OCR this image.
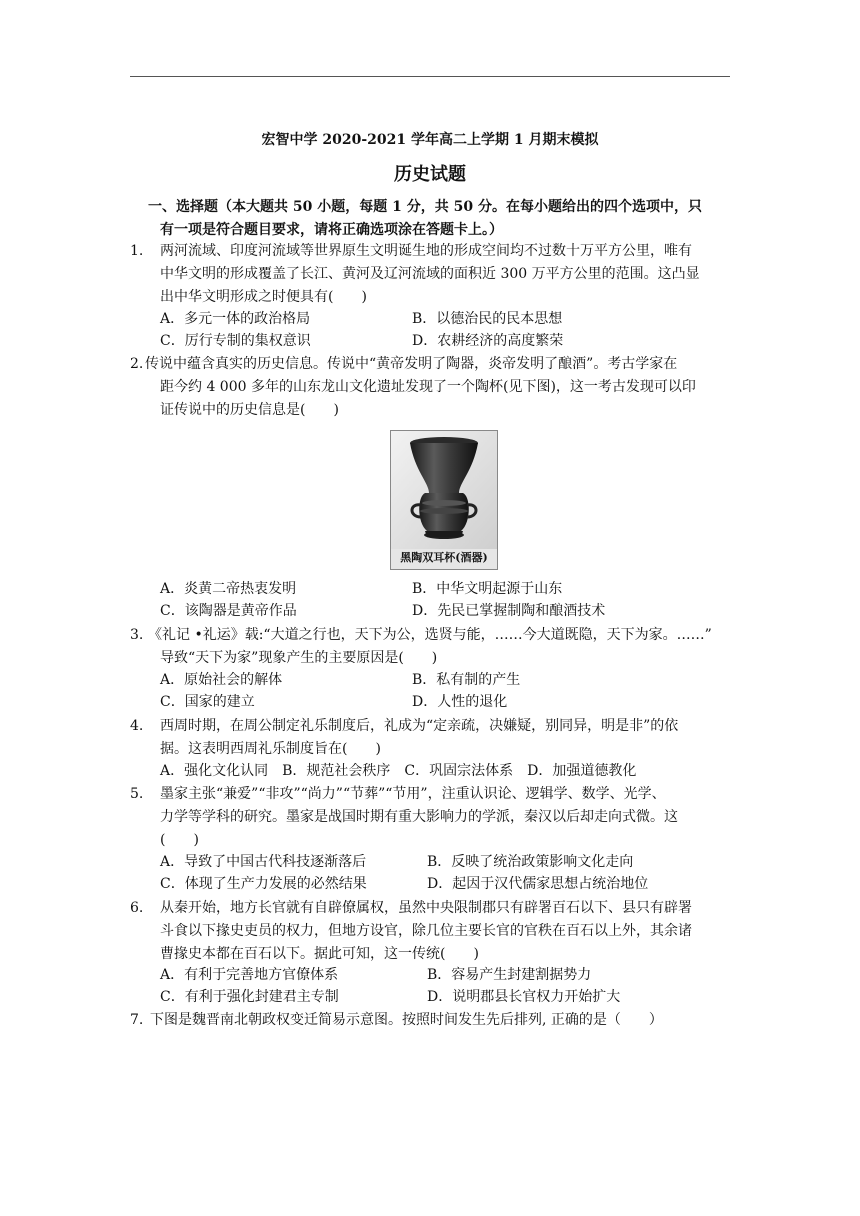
宏智中学 2020-2021 学年高二上学期 1 月期末模拟
历史试题
一、选择题（本大题共 50 小题，每题 1 分，共 50 分。在每小题给出的四个选项中，只
有一项是符合题目要求，请将正确选项涂在答题卡上。）
1. 两河流域、印度河流域等世界原生文明诞生地的形成空间均不过数十万平方公里，唯有
中华文明的形成覆盖了长江、黄河及辽河流域的面积近 300 万平方公里的范围。这凸显
出中华文明形成之时便具有(　　)
A．多元一体的政治格局	B．以德治民的民本思想
C．厉行专制的集权意识	D．农耕经济的高度繁荣
2. 传说中蕴含真实的历史信息。传说中“黄帝发明了陶器，炎帝发明了酿酒”。考古学家在
距今约 4 000 多年的山东龙山文化遗址发现了一个陶杯(见下图)，这一考古发现可以印
证传说中的历史信息是(　　)
黑陶双耳杯(酒器)
A．炎黄二帝热衷发明	B．中华文明起源于山东
C．该陶器是黄帝作品	D．先民已掌握制陶和酿酒技术
3. 《礼记 •礼运》载:“大道之行也，天下为公，选贤与能，……今大道既隐，天下为家。……”
导致“天下为家”现象产生的主要原因是(　　)
A．原始社会的解体	B．私有制的产生
C．国家的建立	D．人性的退化
4. 西周时期，在周公制定礼乐制度后，礼成为“定亲疏，决嫌疑，别同异，明是非”的依
据。这表明西周礼乐制度旨在(　　)
A．强化文化认同　B．规范社会秩序　C．巩固宗法体系　D．加强道德教化
5. 墨家主张“兼爱”“非攻”“尚力”“节葬”“节用”，注重认识论、逻辑学、数学、光学、
力学等学科的研究。墨家是战国时期有重大影响力的学派，秦汉以后却走向式微。这
(　　)
A．导致了中国古代科技逐渐落后	B．反映了统治政策影响文化走向
C．体现了生产力发展的必然结果	D．起因于汉代儒家思想占统治地位
6. 从秦开始，地方长官就有自辟僚属权，虽然中央限制郡只有辟署百石以下、县只有辟署
斗食以下掾史吏员的权力，但地方设官，除几位主要长官的官秩在百石以上外，其余诸
曹掾史本都在百石以下。据此可知，这一传统(　　)
A．有利于完善地方官僚体系	B．容易产生封建割据势力
C．有利于强化封建君主专制	D．说明郡县长官权力开始扩大
7. 下图是魏晋南北朝政权变迁简易示意图。按照时间发生先后排列, 正确的是（　　）
